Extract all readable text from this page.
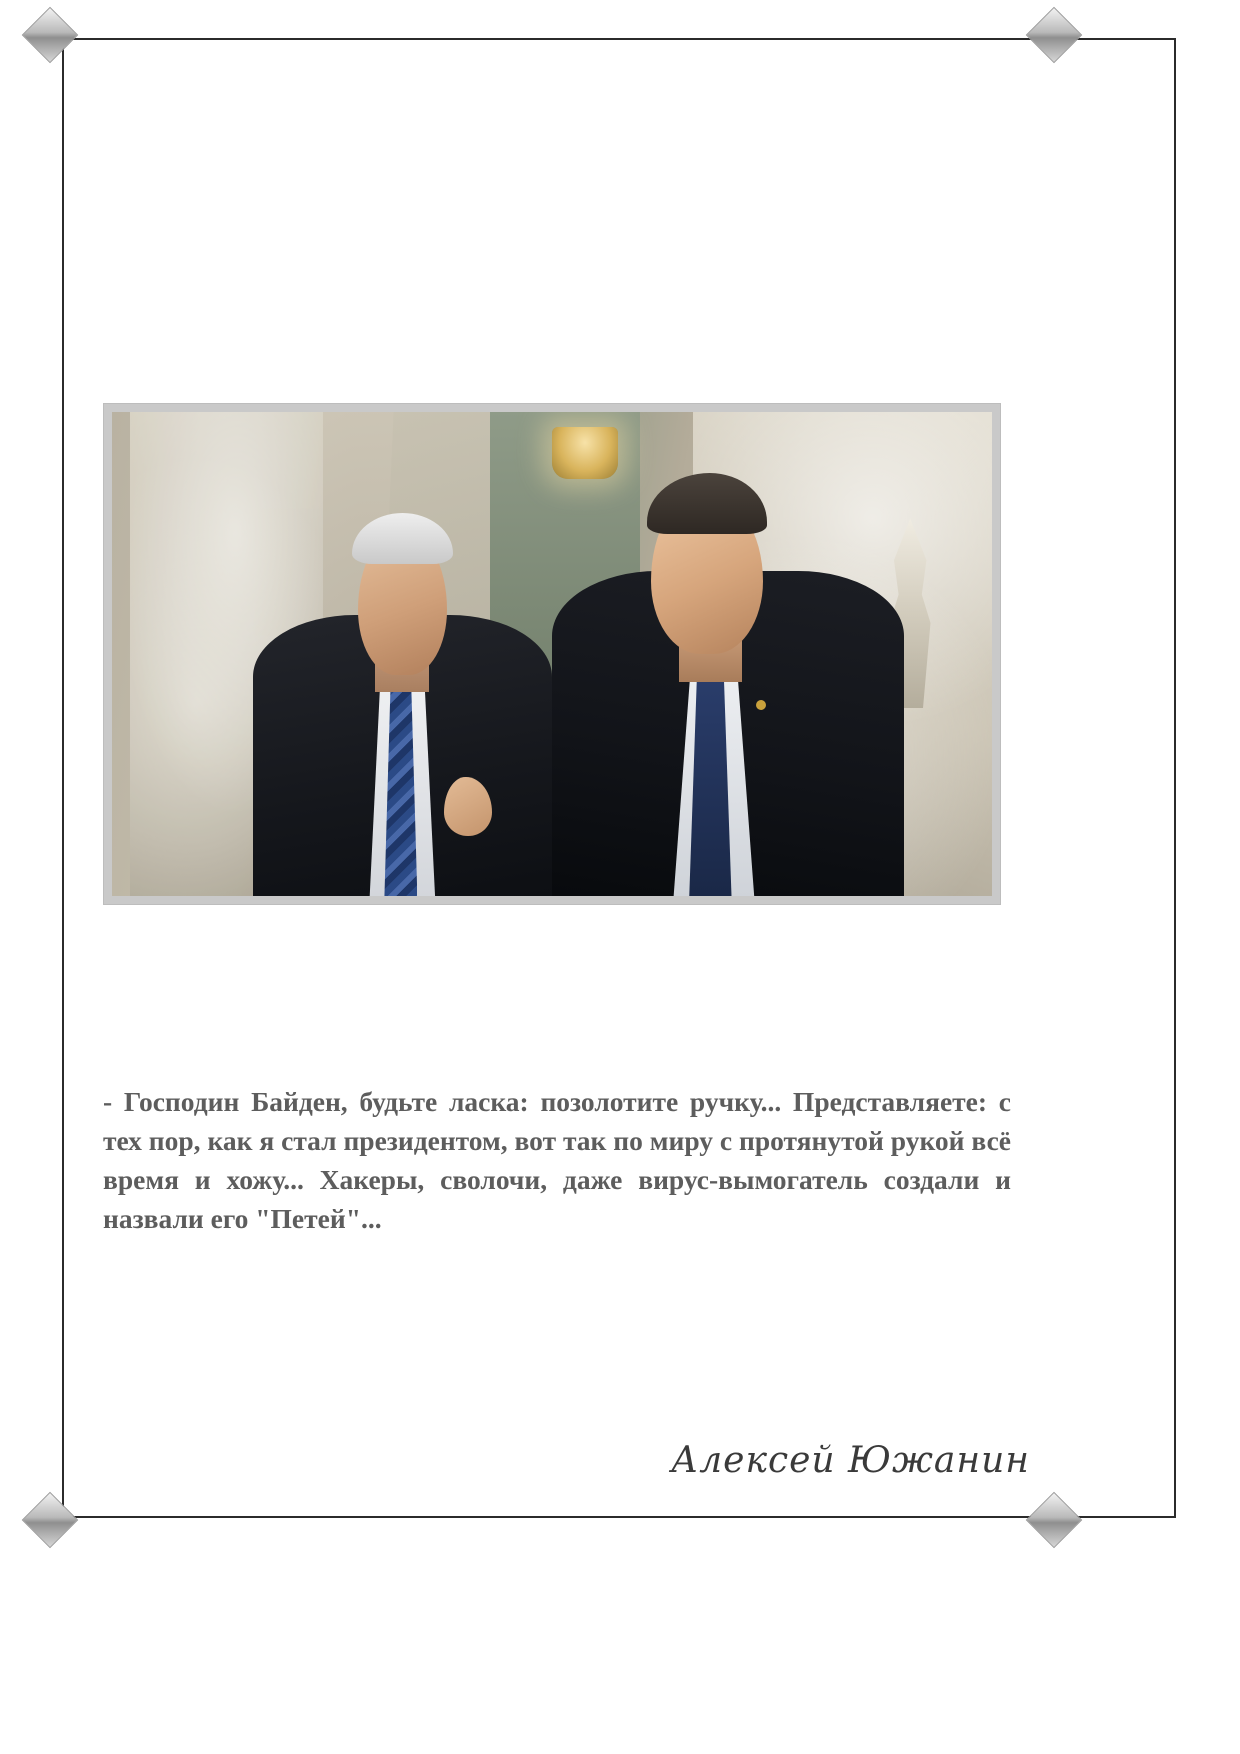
- Господин Байден, будьте ласка: позолотите ручку... Представляете: с тех пор, как я стал президентом, вот так по миру с протянутой рукой всё время и хожу... Хакеры, сволочи, даже вирус-вымогатель создали и назвали его "Петей"...
Алексей Южанин
